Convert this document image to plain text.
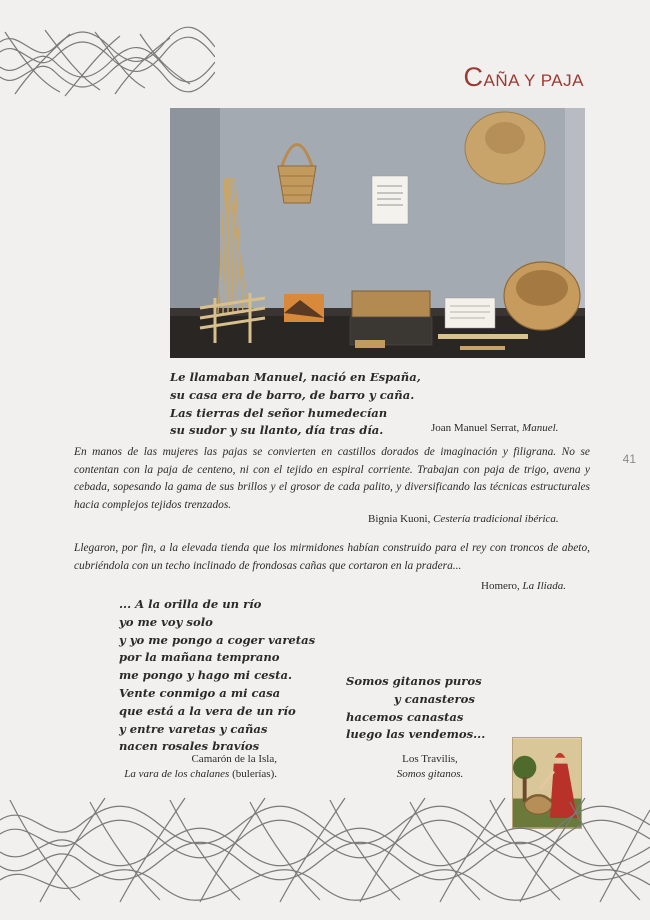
CAÑA Y PAJA
41
Le llamaban Manuel, nació en España,
su casa era de barro, de barro y caña.
Las tierras del señor humedecían
su sudor y su llanto, día tras día.	Joan Manuel Serrat, Manuel.

En manos de las mujeres las pajas se convierten en castillos dorados de imaginación y filigrana. No se contentan con la paja de centeno, ni con el tejido en espiral corriente. Trabajan con paja de trigo, avena y cebada, sopesando la gama de sus brillos y el grosor de cada palito, y diversificando las técnicas estructurales hacia complejos tejidos trenzados.

Bignia Kuoni, Cestería tradicional ibérica.

Llegaron, por fin, a la elevada tienda que los mirmidones habían construido para el rey con troncos de abeto, cubriéndola con un techo inclinado de frondosas cañas que cortaron en la pradera...

Homero, La Iliada.
... A la orilla de un río
yo me voy solo
y yo me pongo a coger varetas
por la mañana temprano
me pongo y hago mi cesta.
Vente conmigo a mi casa
que está a la vera de un río
y entre varetas y cañas
nacen rosales bravíos
Camarón de la Isla,
La vara de los chalanes (bulerías).
Somos gitanos puros
y canasteros
hacemos canastas
luego las vendemos...
Los Travilis,
Somos gitanos.
